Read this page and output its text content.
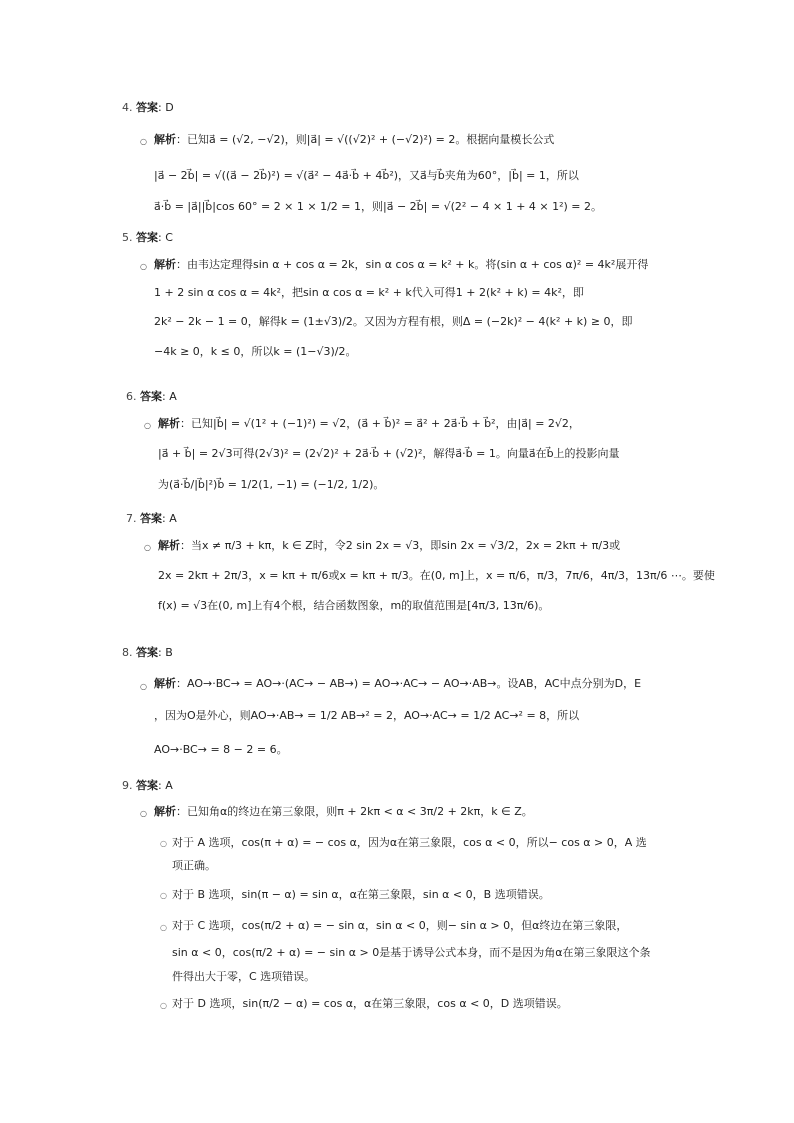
4. 答案: D
○ 解析：已知a⃗ = (√2, −√2)，则|a⃗| = √((√2)² + (−√2)²) = 2。根据向量模长公式
|a⃗ − 2b⃗| = √((a⃗ − 2b⃗)²) = √(a⃗² − 4a⃗·b⃗ + 4b⃗²)，又a⃗与b⃗夹角为60°，|b⃗| = 1，所以
a⃗·b⃗ = |a⃗||b⃗|cos 60° = 2 × 1 × 1/2 = 1，则|a⃗ − 2b⃗| = √(2² − 4 × 1 + 4 × 1²) = 2。
5. 答案: C
○ 解析：由韦达定理得sin α + cos α = 2k，sin α cos α = k² + k。将(sin α + cos α)² = 4k²展开得
1 + 2 sin α cos α = 4k²，把sin α cos α = k² + k代入可得1 + 2(k² + k) = 4k²，即
2k² − 2k − 1 = 0，解得k = (1±√3)/2。又因为方程有根，则Δ = (−2k)² − 4(k² + k) ≥ 0，即
−4k ≥ 0，k ≤ 0，所以k = (1−√3)/2。
6. 答案: A
○ 解析：已知|b⃗| = √(1² + (−1)²) = √2，(a⃗ + b⃗)² = a⃗² + 2a⃗·b⃗ + b⃗²，由|a⃗| = 2√2，
|a⃗ + b⃗| = 2√3可得(2√3)² = (2√2)² + 2a⃗·b⃗ + (√2)²，解得a⃗·b⃗ = 1。向量a⃗在b⃗上的投影向量
为(a⃗·b⃗/|b⃗|²)b⃗ = 1/2(1, −1) = (−1/2, 1/2)。
7. 答案: A
○ 解析：当x ≠ π/3 + kπ，k ∈ Z时，令2 sin 2x = √3，即sin 2x = √3/2，2x = 2kπ + π/3或
2x = 2kπ + 2π/3，x = kπ + π/6或x = kπ + π/3。在(0, m]上，x = π/6，π/3，7π/6，4π/3，13π/6 ⋯。要使
f(x) = √3在(0, m]上有4个根，结合函数图象，m的取值范围是[4π/3, 13π/6)。
8. 答案: B
○ 解析：AO→·BC→ = AO→·(AC→ − AB→) = AO→·AC→ − AO→·AB→。设AB，AC中点分别为D，E
，因为O是外心，则AO→·AB→ = 1/2 AB→² = 2，AO→·AC→ = 1/2 AC→² = 8，所以
AO→·BC→ = 8 − 2 = 6。
9. 答案: A
○ 解析：已知角α的终边在第三象限，则π + 2kπ < α < 3π/2 + 2kπ，k ∈ Z。
○ 对于 A 选项，cos(π + α) = − cos α，因为α在第三象限，cos α < 0，所以− cos α > 0，A 选
项正确。
○ 对于 B 选项，sin(π − α) = sin α，α在第三象限，sin α < 0，B 选项错误。
○ 对于 C 选项，cos(π/2 + α) = − sin α，sin α < 0，则− sin α > 0，但α终边在第三象限，
sin α < 0，cos(π/2 + α) = − sin α > 0是基于诱导公式本身，而不是因为角α在第三象限这个条
件得出大于零，C 选项错误。
○ 对于 D 选项，sin(π/2 − α) = cos α，α在第三象限，cos α < 0，D 选项错误。
